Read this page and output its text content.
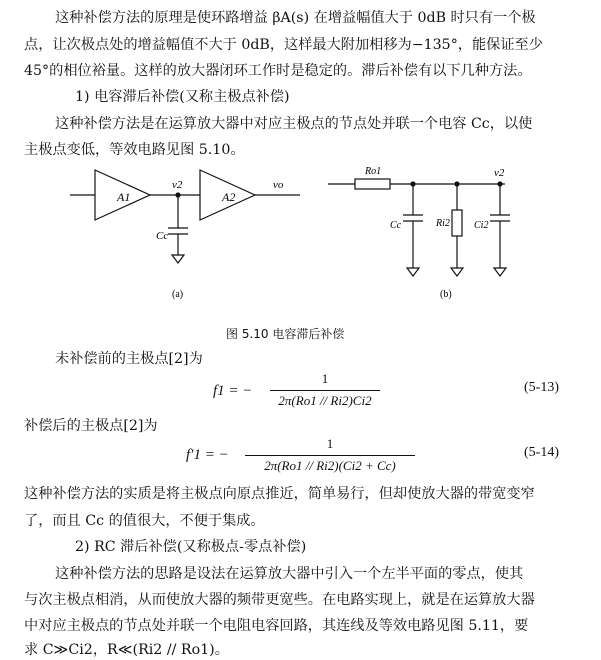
这种补偿方法的原理是使环路增益 βA(s) 在增益幅值大于 0dB 时只有一个极
点，让次极点处的增益幅值不大于 0dB，这样最大附加相移为−135°，能保证至少
45°的相位裕量。这样的放大器闭环工作时是稳定的。滞后补偿有以下几种方法。
1) 电容滞后补偿(又称主极点补偿)
这种补偿方法是在运算放大器中对应主极点的节点处并联一个电容 Cc，以使
主极点变低，等效电路见图 5.10。
A1	A2
v2	vo
Cc
(a)
Ro1
Ri2
Cc	Ci2
v2
(b)
图 5.10 电容滞后补偿
未补偿前的主极点[2]为
f1 = −
1
2π(Ro1 // Ri2)Ci2
(5-13)
补偿后的主极点[2]为
f′1 = −
1
2π(Ro1 // Ri2)(Ci2 + Cc)
(5-14)
这种补偿方法的实质是将主极点向原点推近，简单易行，但却使放大器的带宽变窄
了，而且 Cc 的值很大，不便于集成。
2) RC 滞后补偿(又称极点-零点补偿)
这种补偿方法的思路是设法在运算放大器中引入一个左半平面的零点，使其
与次主极点相消，从而使放大器的频带更宽些。在电路实现上，就是在运算放大器
中对应主极点的节点处并联一个电阻电容回路，其连线及等效电路见图 5.11，要
求 C≫Ci2，R≪(Ri2 // Ro1)。
